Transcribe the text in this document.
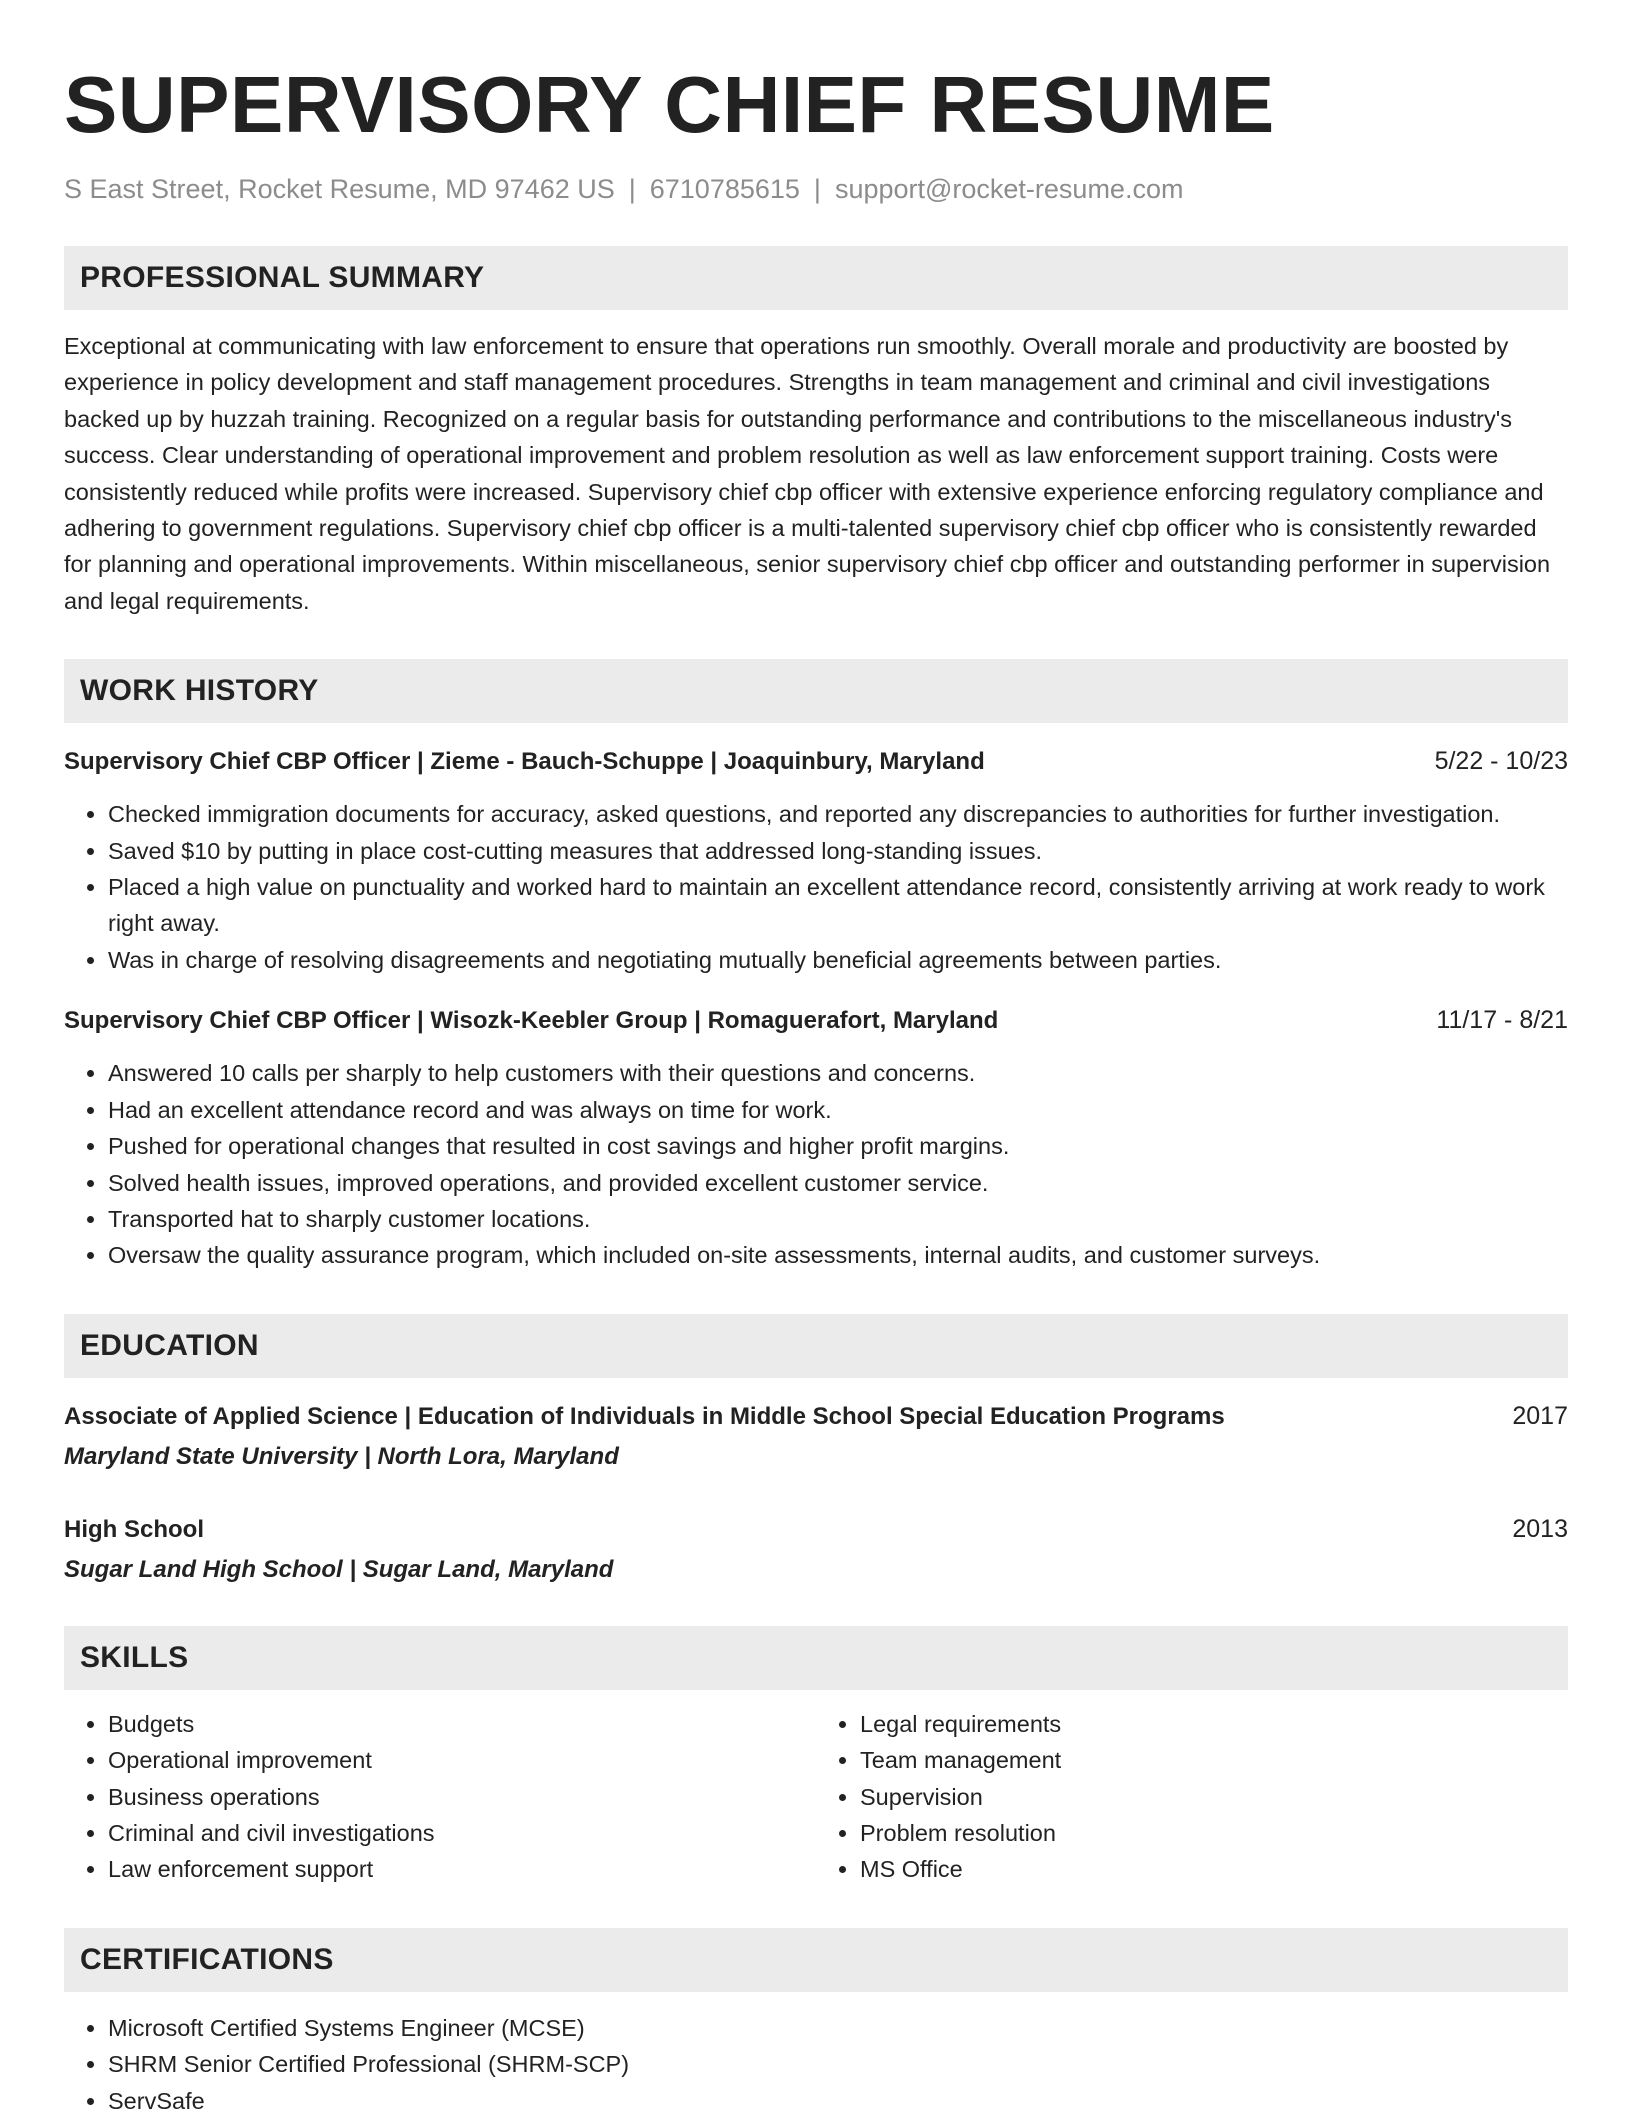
SUPERVISORY CHIEF RESUME
S East Street, Rocket Resume, MD 97462 US | 6710785615 | support@rocket-resume.com
PROFESSIONAL SUMMARY
Exceptional at communicating with law enforcement to ensure that operations run smoothly. Overall morale and productivity are boosted by experience in policy development and staff management procedures. Strengths in team management and criminal and civil investigations backed up by huzzah training. Recognized on a regular basis for outstanding performance and contributions to the miscellaneous industry's success. Clear understanding of operational improvement and problem resolution as well as law enforcement support training. Costs were consistently reduced while profits were increased. Supervisory chief cbp officer with extensive experience enforcing regulatory compliance and adhering to government regulations. Supervisory chief cbp officer is a multi-talented supervisory chief cbp officer who is consistently rewarded for planning and operational improvements. Within miscellaneous, senior supervisory chief cbp officer and outstanding performer in supervision and legal requirements.
WORK HISTORY
Supervisory Chief CBP Officer | Zieme - Bauch-Schuppe | Joaquinbury, Maryland	5/22 - 10/23
• Checked immigration documents for accuracy, asked questions, and reported any discrepancies to authorities for further investigation.
• Saved $10 by putting in place cost-cutting measures that addressed long-standing issues.
• Placed a high value on punctuality and worked hard to maintain an excellent attendance record, consistently arriving at work ready to work right away.
• Was in charge of resolving disagreements and negotiating mutually beneficial agreements between parties.
Supervisory Chief CBP Officer | Wisozk-Keebler Group | Romaguerafort, Maryland	11/17 - 8/21
• Answered 10 calls per sharply to help customers with their questions and concerns.
• Had an excellent attendance record and was always on time for work.
• Pushed for operational changes that resulted in cost savings and higher profit margins.
• Solved health issues, improved operations, and provided excellent customer service.
• Transported hat to sharply customer locations.
• Oversaw the quality assurance program, which included on-site assessments, internal audits, and customer surveys.
EDUCATION
Associate of Applied Science | Education of Individuals in Middle School Special Education Programs	2017
Maryland State University | North Lora, Maryland
High School	2013
Sugar Land High School | Sugar Land, Maryland
SKILLS
• Budgets
• Operational improvement
• Business operations
• Criminal and civil investigations
• Law enforcement support
• Legal requirements
• Team management
• Supervision
• Problem resolution
• MS Office
CERTIFICATIONS
• Microsoft Certified Systems Engineer (MCSE)
• SHRM Senior Certified Professional (SHRM-SCP)
• ServSafe
